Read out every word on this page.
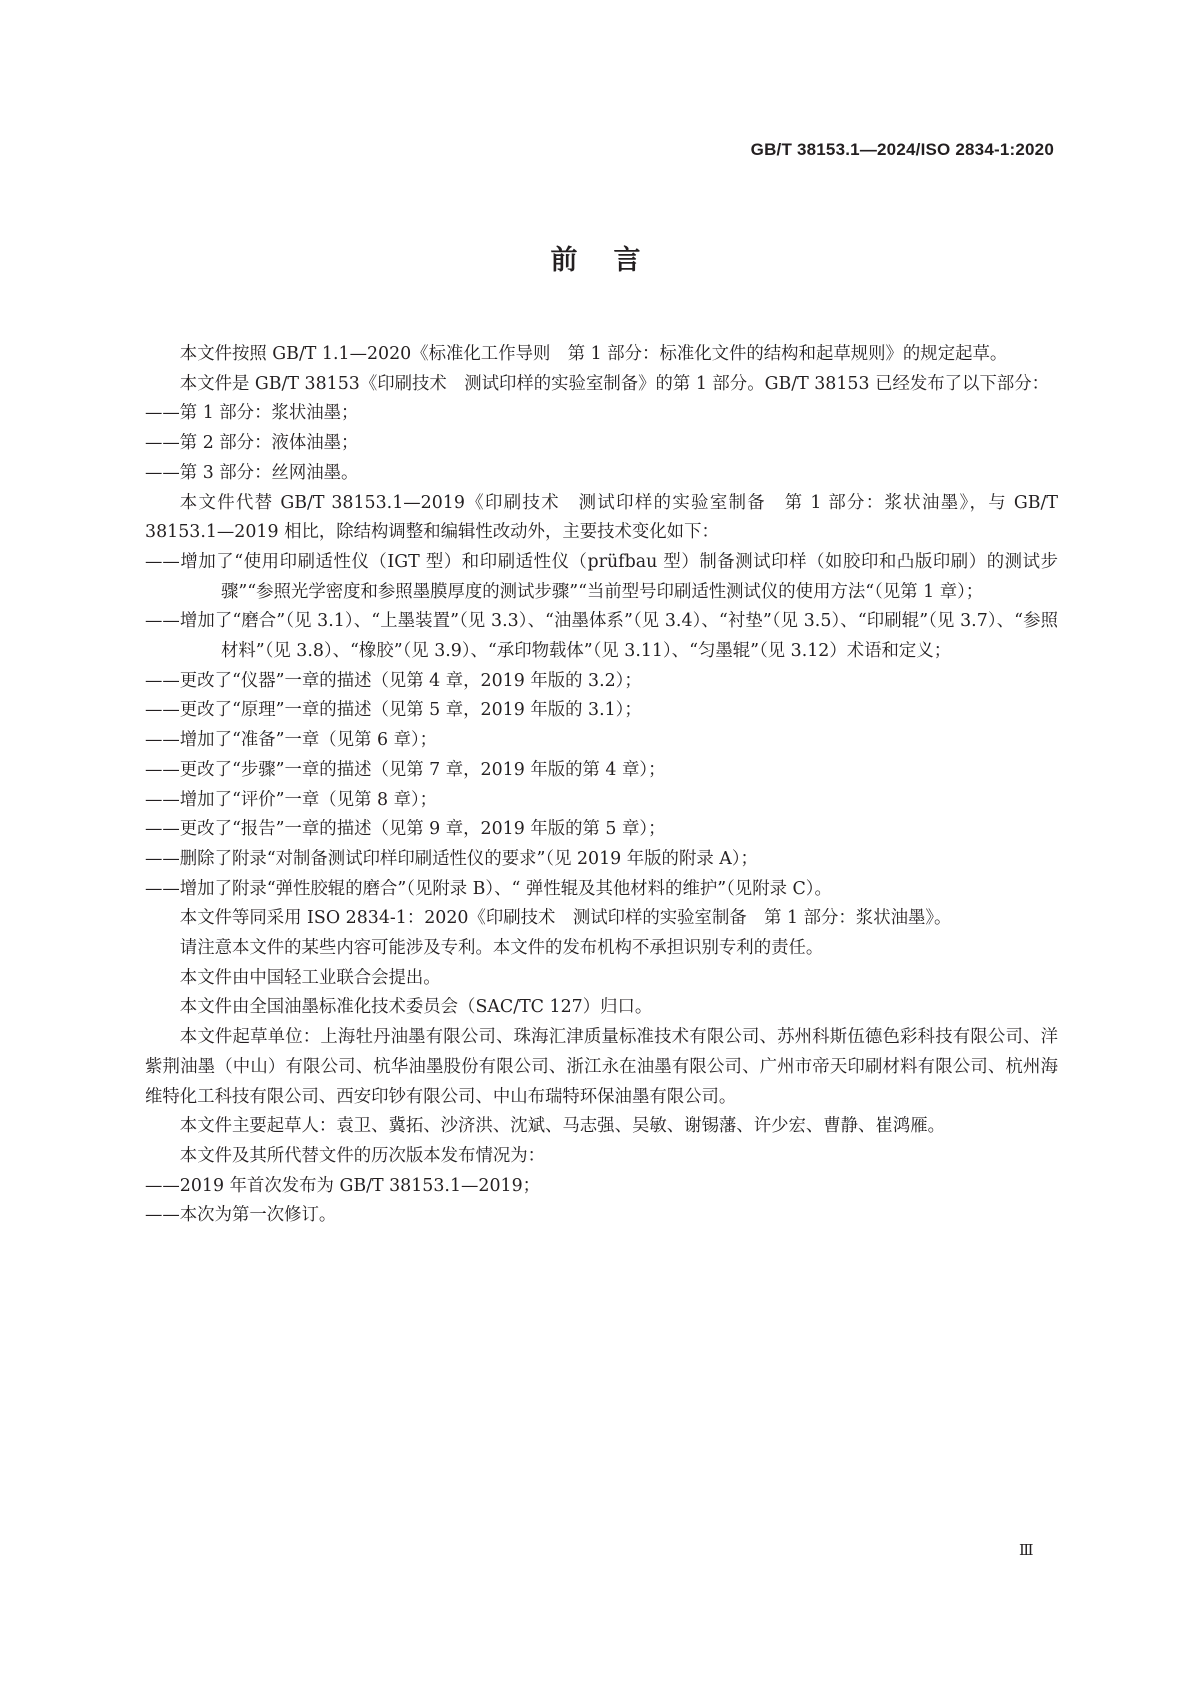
GB/T 38153.1—2024/ISO 2834-1:2020
前言

本文件按照 GB/T 1.1—2020《标准化工作导则　第 1 部分：标准化文件的结构和起草规则》的规定起草。

本文件是 GB/T 38153《印刷技术　测试印样的实验室制备》的第 1 部分。GB/T 38153 已经发布了以下部分：

——第 1 部分：浆状油墨；

——第 2 部分：液体油墨；

——第 3 部分：丝网油墨。

本文件代替 GB/T 38153.1—2019《印刷技术　测试印样的实验室制备　第 1 部分：浆状油墨》，与 GB/T 38153.1—2019 相比，除结构调整和编辑性改动外，主要技术变化如下：

——增加了“使用印刷适性仪（IGT 型）和印刷适性仪（prüfbau 型）制备测试印样（如胶印和凸版印刷）的测试步骤”“参照光学密度和参照墨膜厚度的测试步骤”“当前型号印刷适性测试仪的使用方法“（见第 1 章）；

——增加了“磨合”（见 3.1）、“上墨装置”（见 3.3）、“油墨体系”（见 3.4）、“衬垫”（见 3.5）、“印刷辊”（见 3.7）、“参照材料”（见 3.8）、“橡胶”（见 3.9）、“承印物载体”（见 3.11）、“匀墨辊”（见 3.12）术语和定义；

——更改了“仪器”一章的描述（见第 4 章，2019 年版的 3.2）；

——更改了“原理”一章的描述（见第 5 章，2019 年版的 3.1）；

——增加了“准备”一章（见第 6 章）；

——更改了“步骤”一章的描述（见第 7 章，2019 年版的第 4 章）；

——增加了“评价”一章（见第 8 章）；

——更改了“报告”一章的描述（见第 9 章，2019 年版的第 5 章）；

——删除了附录“对制备测试印样印刷适性仪的要求”（见 2019 年版的附录 A）；

——增加了附录“弹性胶辊的磨合”（见附录 B）、“ 弹性辊及其他材料的维护”（见附录 C）。

本文件等同采用 ISO 2834-1：2020《印刷技术　测试印样的实验室制备　第 1 部分：浆状油墨》。

请注意本文件的某些内容可能涉及专利。本文件的发布机构不承担识别专利的责任。

本文件由中国轻工业联合会提出。

本文件由全国油墨标准化技术委员会（SAC/TC 127）归口。

本文件起草单位：上海牡丹油墨有限公司、珠海汇津质量标准技术有限公司、苏州科斯伍德色彩科技有限公司、洋紫荆油墨（中山）有限公司、杭华油墨股份有限公司、浙江永在油墨有限公司、广州市帝天印刷材料有限公司、杭州海维特化工科技有限公司、西安印钞有限公司、中山布瑞特环保油墨有限公司。

本文件主要起草人：袁卫、冀拓、沙济洪、沈斌、马志强、吴敏、谢锡藩、许少宏、曹静、崔鸿雁。

本文件及其所代替文件的历次版本发布情况为：

——2019 年首次发布为 GB/T 38153.1—2019；

——本次为第一次修订。

Ⅲ
